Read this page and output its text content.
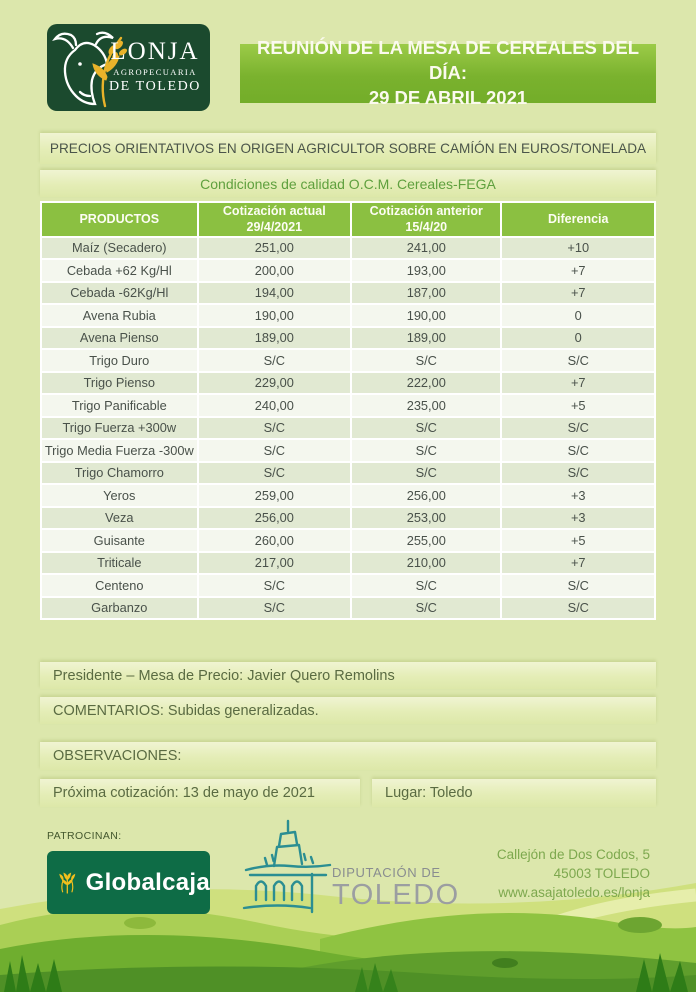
LONJA
AGROPECUARIA
DE TOLEDO
REUNIÓN DE LA MESA DE CEREALES DEL DÍA:
29 DE ABRIL 2021
PRECIOS ORIENTATIVOS EN ORIGEN AGRICULTOR SOBRE CAMÍÓN EN EUROS/TONELADA
Condiciones de calidad O.C.M. Cereales-FEGA
PRODUCTOS

Cotización actual
29/4/2021

Cotización anterior
15/4/20

Diferencia

Maíz (Secadero)	251,00	241,00	+10
Cebada +62 Kg/Hl	200,00	193,00	+7
Cebada -62Kg/Hl	194,00	187,00	+7
Avena Rubia	190,00	190,00	0
Avena Pienso	189,00	189,00	0
Trigo Duro	S/C	S/C	S/C
Trigo Pienso	229,00	222,00	+7
Trigo Panificable	240,00	235,00	+5
Trigo Fuerza +300w	S/C	S/C	S/C
Trigo Media Fuerza -300w	S/C	S/C	S/C
Trigo Chamorro	S/C	S/C	S/C
Yeros	259,00	256,00	+3
Veza	256,00	253,00	+3
Guisante	260,00	255,00	+5
Triticale	217,00	210,00	+7
Centeno	S/C	S/C	S/C
Garbanzo	S/C	S/C	S/C
Presidente – Mesa de Precio: Javier Quero Remolins
COMENTARIOS: Subidas generalizadas.
OBSERVACIONES:
Próxima cotización: 13 de mayo de 2021	Lugar: Toledo
PATROCINAN:
Globalcaja	DIPUTACIÓN DE
TOLEDO
Callejón de Dos Codos, 5
45003 TOLEDO
www.asajatoledo.es/lonja
